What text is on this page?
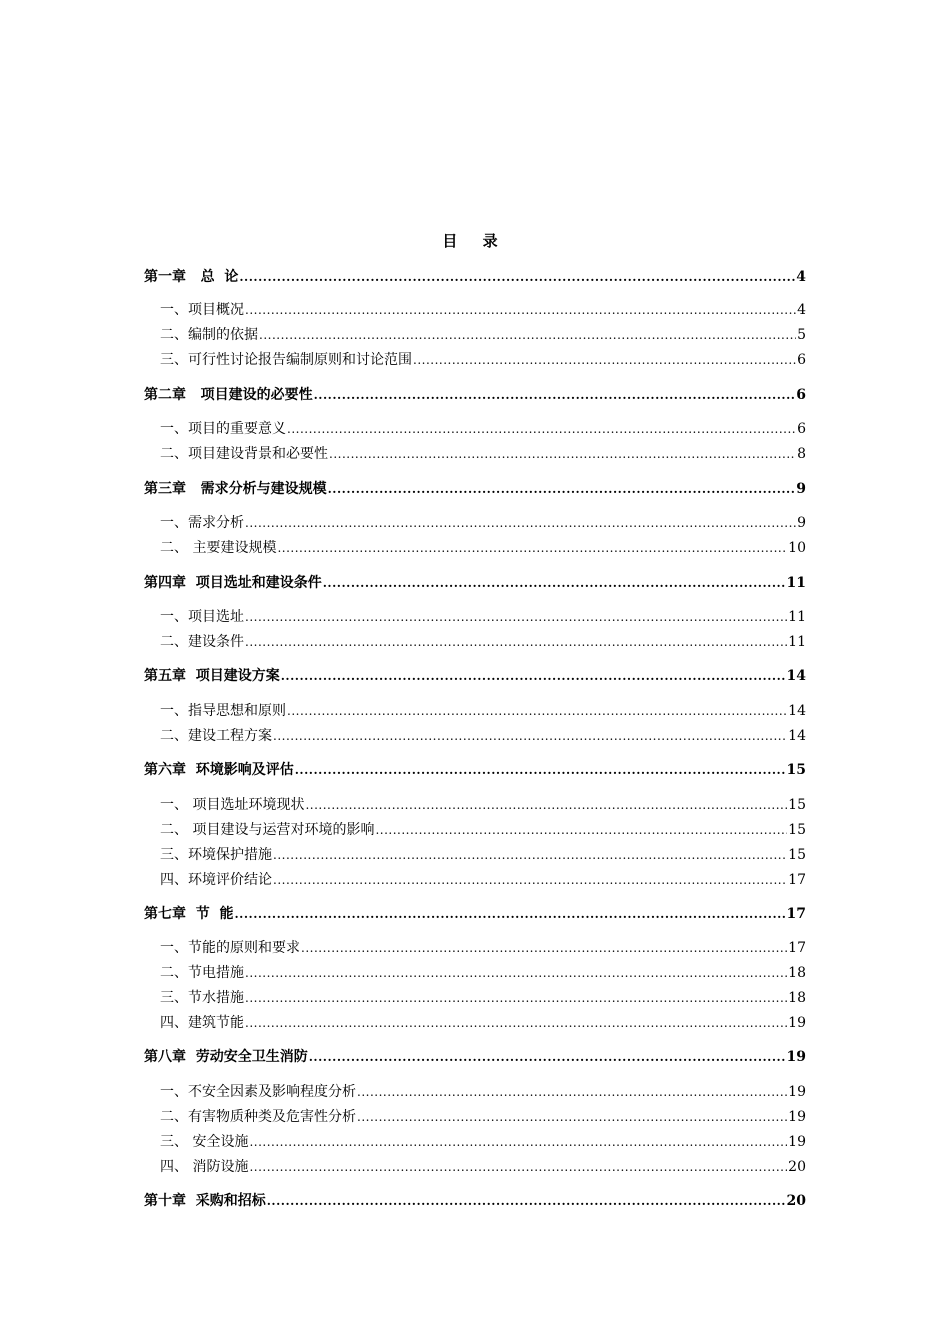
目 录
第一章   总  论 .....	4
一、项目概况 .....	4
二、编制的依据 .....	5
三、可行性讨论报告编制原则和讨论范围 .....	6
第二章   项目建设的必要性 .....	6
一、项目的重要意义 .....	6
二、项目建设背景和必要性 .....	8
第三章   需求分析与建设规模 .....	9
一、需求分析 .....	9
二、 主要建设规模 .....	10
第四章  项目选址和建设条件 .....	11
一、项目选址 .....	11
二、建设条件 .....	11
第五章  项目建设方案 .....	14
一、指导思想和原则 .....	14
二、建设工程方案 .....	14
第六章  环境影响及评估 .....	15
一、 项目选址环境现状 .....	15
二、 项目建设与运营对环境的影响 .....	15
三、环境保护措施 .....	15
四、环境评价结论 .....	17
第七章  节  能 .....	17
一、节能的原则和要求 .....	17
二、节电措施 .....	18
三、节水措施 .....	18
四、建筑节能 .....	19
第八章  劳动安全卫生消防 .....	19
一、不安全因素及影响程度分析 .....	19
二、有害物质种类及危害性分析 .....	19
三、 安全设施 .....	19
四、 消防设施 .....	20
第十章  采购和招标 .....	20
